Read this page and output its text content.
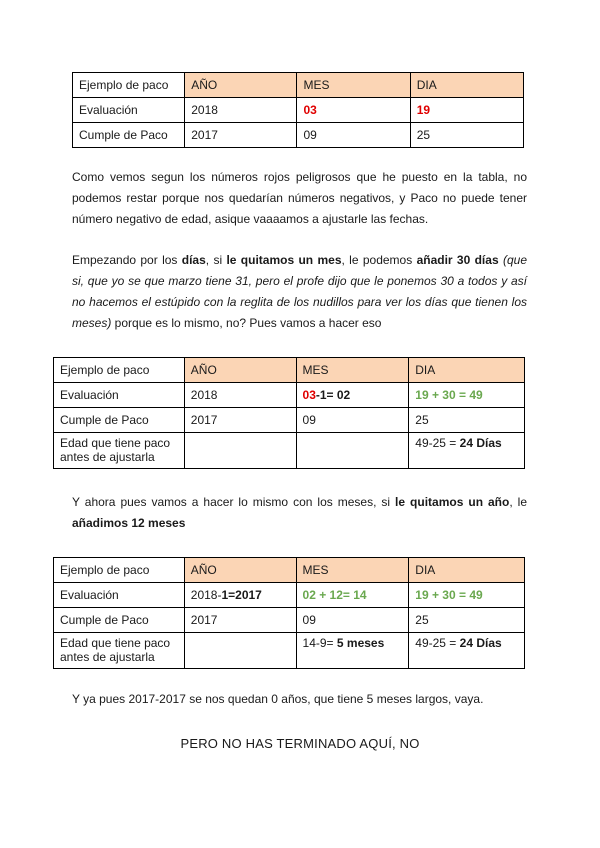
Ejemplo de paco	AÑO	MES	DIA
Evaluación	2018	03	19
Cumple de Paco	2017	09	25

Como vemos segun los números rojos peligrosos que he puesto en la tabla, no podemos restar porque nos quedarían números negativos, y Paco no puede tener número negativo de edad, asique vaaaamos a ajustarle las fechas.

Empezando por los días, si le quitamos un mes, le podemos añadir 30 días (que si, que yo se que marzo tiene 31, pero el profe dijo que le ponemos 30 a todos y así no hacemos el estúpido con la reglita de los nudillos para ver los días que tienen los meses) porque es lo mismo, no? Pues vamos a hacer eso

Ejemplo de paco	AÑO	MES	DIA
Evaluación	2018	03-1= 02	19 + 30 = 49
Cumple de Paco	2017	09	25
Edad que tiene paco
antes de ajustarla			49-25 = 24 Días

Y ahora pues vamos a hacer lo mismo con los meses, si le quitamos un año, le añadimos 12 meses

Ejemplo de paco	AÑO	MES	DIA
Evaluación	2018-1=2017	02 + 12= 14	19 + 30 = 49
Cumple de Paco	2017	09	25
Edad que tiene paco
antes de ajustarla		14-9= 5 meses	49-25 = 24 Días

Y ya pues 2017-2017 se nos quedan 0 años, que tiene 5 meses largos, vaya.

PERO NO HAS TERMINADO AQUÍ, NO
